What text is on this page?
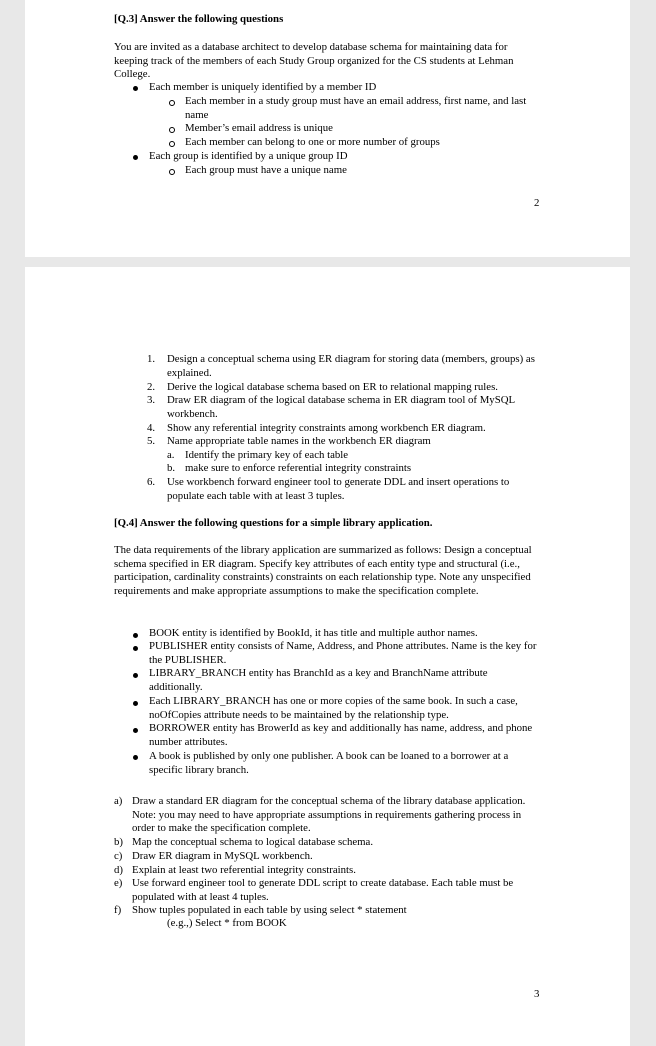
[Q.3] Answer the following questions

You are invited as a database architect to develop database schema for maintaining data for keeping track of the members of each Study Group organized for the CS students at Lehman College.

Each member is uniquely identified by a member ID

Each member in a study group must have an email address, first name, and last name

Member’s email address is unique

Each member can belong to one or more number of groups

Each group is identified by a unique group ID

Each group must have a unique name

2

1. Design a conceptual schema using ER diagram for storing data (members, groups) as explained.

2. Derive the logical database schema based on ER to relational mapping rules.

3. Draw ER diagram of the logical database schema in ER diagram tool of MySQL workbench.

4. Show any referential integrity constraints among workbench ER diagram.

5. Name appropriate table names in the workbench ER diagram

a. Identify the primary key of each table

b. make sure to enforce referential integrity constraints

6. Use workbench forward engineer tool to generate DDL and insert operations to populate each table with at least 3 tuples.

[Q.4] Answer the following questions for a simple library application.

The data requirements of the library application are summarized as follows: Design a conceptual schema specified in ER diagram. Specify key attributes of each entity type and structural (i.e., participation, cardinality constraints) constraints on each relationship type. Note any unspecified requirements and make appropriate assumptions to make the specification complete.

BOOK entity is identified by BookId, it has title and multiple author names.

PUBLISHER entity consists of Name, Address, and Phone attributes. Name is the key for the PUBLISHER.

LIBRARY_BRANCH entity has BranchId as a key and BranchName attribute additionally.

Each LIBRARY_BRANCH has one or more copies of the same book. In such a case, noOfCopies attribute needs to be maintained by the relationship type.

BORROWER entity has BrowerId as key and additionally has name, address, and phone number attributes.

A book is published by only one publisher. A book can be loaned to a borrower at a specific library branch.

a) Draw a standard ER diagram for the conceptual schema of the library database application. Note: you may need to have appropriate assumptions in requirements gathering process in order to make the specification complete.

b) Map the conceptual schema to logical database schema.

c) Draw ER diagram in MySQL workbench.

d) Explain at least two referential integrity constraints.

e) Use forward engineer tool to generate DDL script to create database. Each table must be populated with at least 4 tuples.

f) Show tuples populated in each table by using select * statement

(e.g.,) Select * from BOOK

3
